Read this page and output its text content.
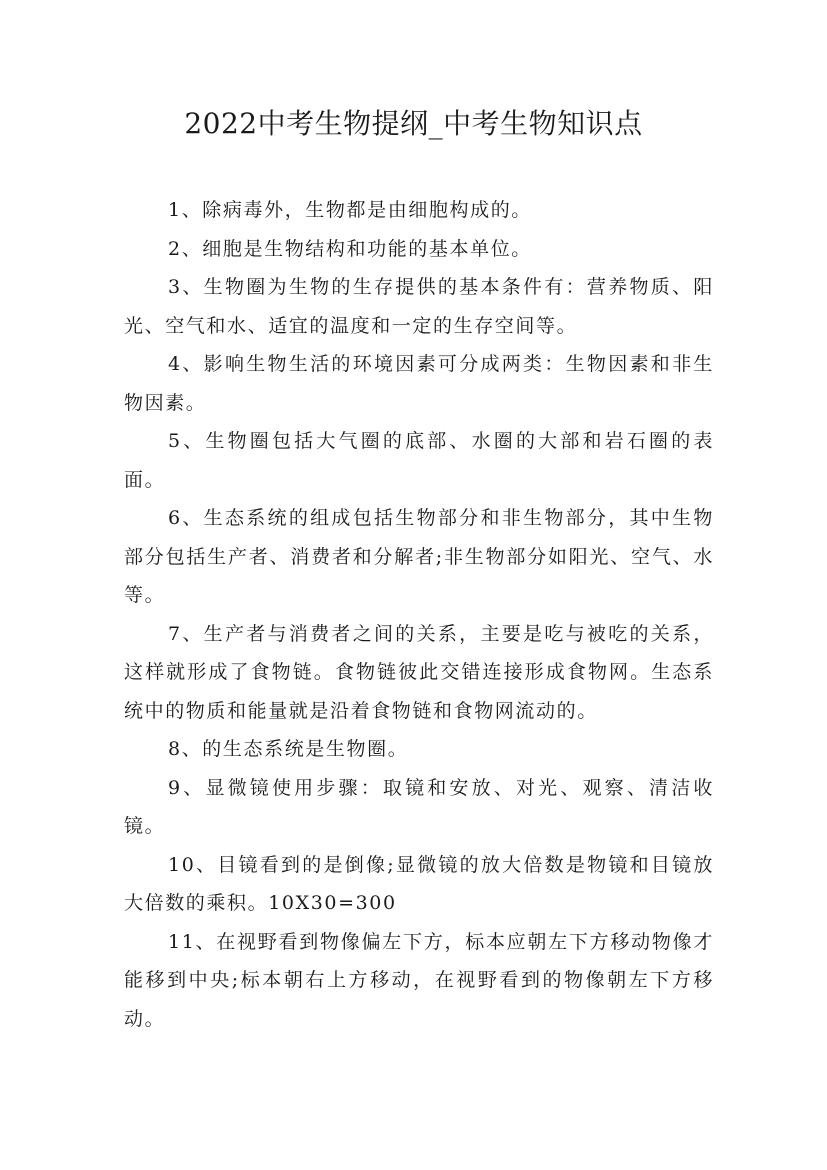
2022中考生物提纲_中考生物知识点

1、除病毒外，生物都是由细胞构成的。

2、细胞是生物结构和功能的基本单位。

3、生物圈为生物的生存提供的基本条件有：营养物质、阳光、空气和水、适宜的温度和一定的生存空间等。

4、影响生物生活的环境因素可分成两类：生物因素和非生物因素。

5、生物圈包括大气圈的底部、水圈的大部和岩石圈的表面。

6、生态系统的组成包括生物部分和非生物部分，其中生物部分包括生产者、消费者和分解者;非生物部分如阳光、空气、水等。

7、生产者与消费者之间的关系，主要是吃与被吃的关系，这样就形成了食物链。食物链彼此交错连接形成食物网。生态系统中的物质和能量就是沿着食物链和食物网流动的。

8、的生态系统是生物圈。

9、显微镜使用步骤：取镜和安放、对光、观察、清洁收镜。

10、目镜看到的是倒像;显微镜的放大倍数是物镜和目镜放大倍数的乘积。10X30=300

11、在视野看到物像偏左下方，标本应朝左下方移动物像才能移到中央;标本朝右上方移动，在视野看到的物像朝左下方移动。
